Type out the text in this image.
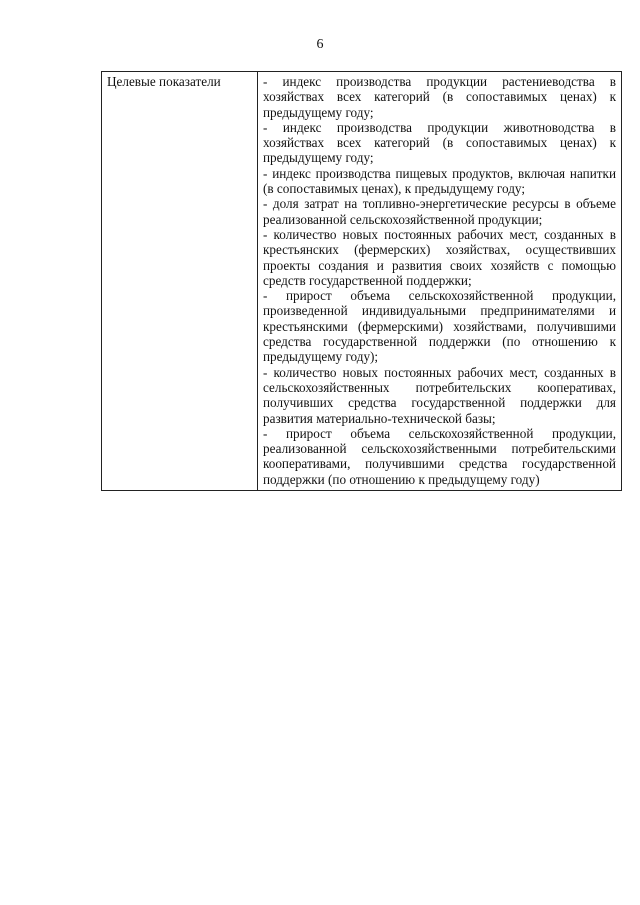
6
Целевые показатели	- индекс производства продукции растениеводства в хозяйствах всех категорий (в сопоставимых ценах) к предыдущему году;

- индекс производства продукции животноводства в хозяйствах всех категорий (в сопоставимых ценах) к предыдущему году;

- индекс производства пищевых продуктов, включая напитки (в сопоставимых ценах), к предыдущему году;

- доля затрат на топливно-энергетические ресурсы в объеме реализованной сельскохозяйственной продукции;

- количество новых постоянных рабочих мест, созданных в крестьянских (фермерских) хозяйствах, осуществивших проекты создания и развития своих хозяйств с помощью средств государственной поддержки;

- прирост объема сельскохозяйственной продукции, произведенной индивидуальными предпринимателями и крестьянскими (фермерскими) хозяйствами, получившими средства государственной поддержки (по отношению к предыдущему году);

- количество новых постоянных рабочих мест, созданных в сельскохозяйственных потребительских кооперативах, получивших средства государственной поддержки для развития материально-технической базы;

- прирост объема сельскохозяйственной продукции, реализованной сельскохозяйственными потребительскими кооперативами, получившими средства государственной поддержки (по отношению к предыдущему году)
